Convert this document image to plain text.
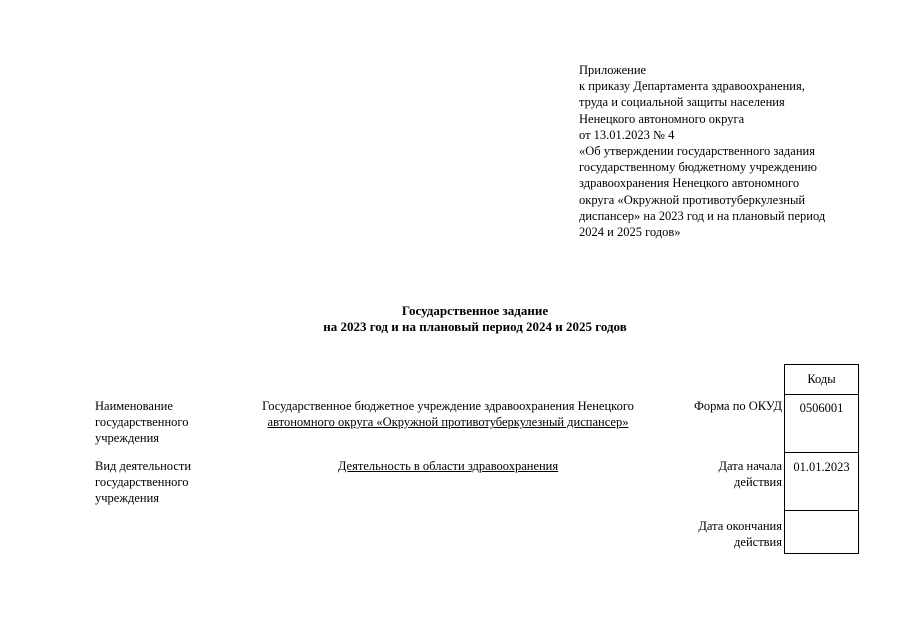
Приложение
к приказу Департамента здравоохранения,
труда и социальной защиты населения
Ненецкого автономного округа
от 13.01.2023 № 4
«Об утверждении государственного задания
государственному бюджетному учреждению
здравоохранения Ненецкого автономного
округа «Окружной противотуберкулезный
диспансер» на 2023 год и на плановый период
2024 и 2025 годов»
Государственное задание
на 2023 год и на плановый период 2024 и 2025 годов
Наименование
государственного
учреждения
Государственное бюджетное учреждение здравоохранения Ненецкого
автономного округа «Окружной противотуберкулезный диспансер»
Вид деятельности
государственного
учреждения
Деятельность в области здравоохранения
Форма по ОКУД
Дата начала
действия
Дата окончания
действия
Коды
0506001
01.01.2023
